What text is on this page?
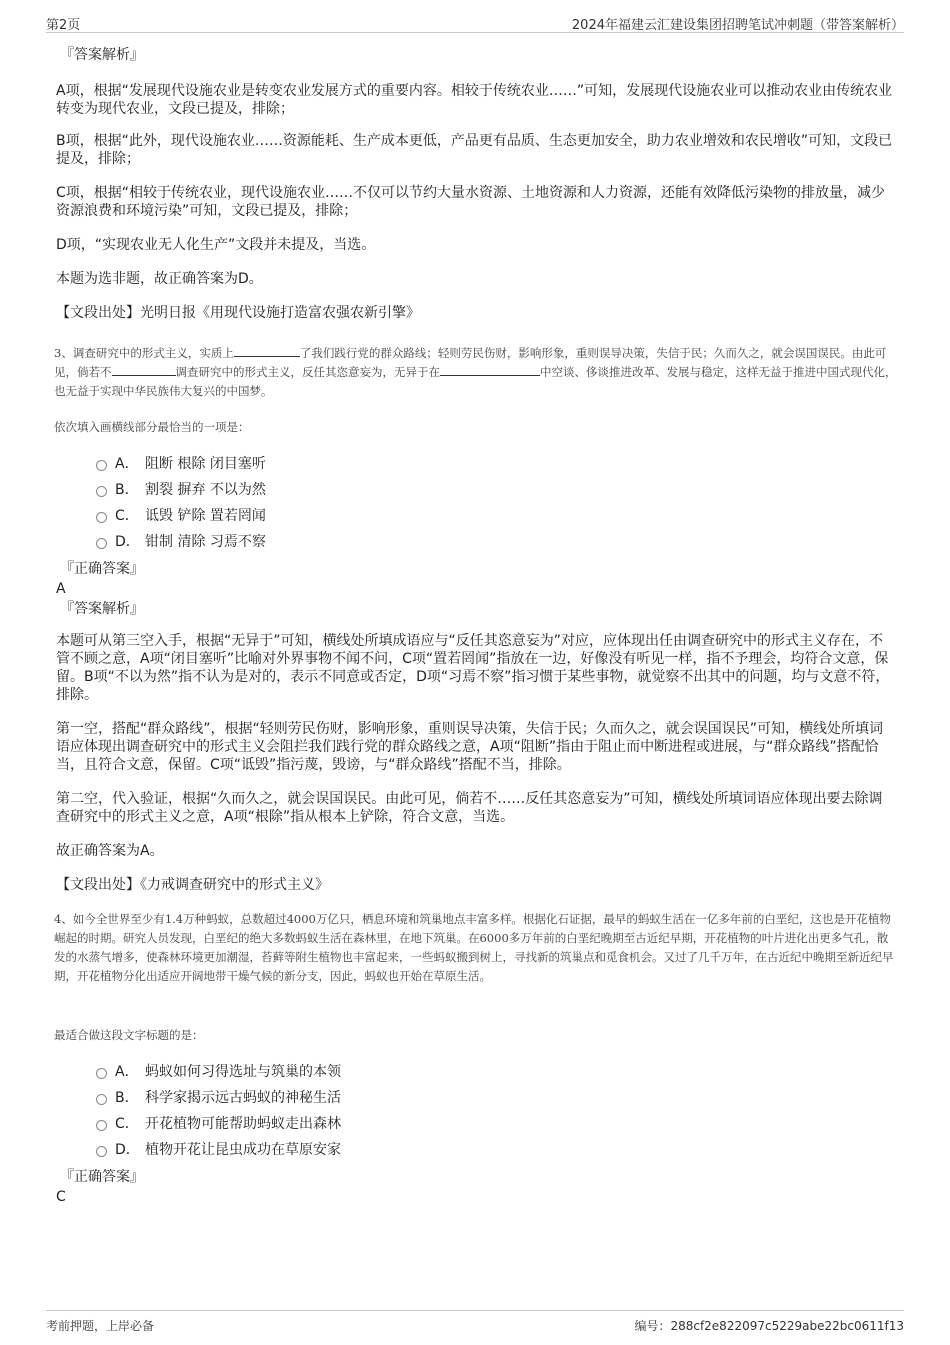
第2页	2024年福建云汇建设集团招聘笔试冲刺题（带答案解析）
『答案解析』

A项，根据“发展现代设施农业是转变农业发展方式的重要内容。相较于传统农业……”可知，发展现代设施农业可以推动农业由传统农业转变为现代农业，文段已提及，排除；

B项，根据“此外，现代设施农业……资源能耗、生产成本更低，产品更有品质、生态更加安全，助力农业增效和农民增收”可知，文段已提及，排除；

C项，根据“相较于传统农业，现代设施农业……不仅可以节约大量水资源、土地资源和人力资源，还能有效降低污染物的排放量，减少资源浪费和环境污染”可知，文段已提及，排除；

D项，“实现农业无人化生产”文段并未提及，当选。

本题为选非题，故正确答案为D。

【文段出处】光明日报《用现代设施打造富农强农新引擎》

3、调查研究中的形式主义，实质上	了我们践行党的群众路线；轻则劳民伤财，影响形象，重则误导决策，失信于民；久而久之，就会误国误民。由此可见，倘若不	调查研究中的形式主义，反任其恣意妄为，无异于在	中空谈、侈谈推进改革、发展与稳定，这样无益于推进中国式现代化，也无益于实现中华民族伟大复兴的中国梦。

依次填入画横线部分最恰当的一项是：

A． 阻断 根除 闭目塞听
B． 割裂 摒弃 不以为然
C． 诋毁 铲除 置若罔闻
D． 钳制 清除 习焉不察
『正确答案』
A
『答案解析』

本题可从第三空入手，根据“无异于”可知，横线处所填成语应与“反任其恣意妄为”对应，应体现出任由调查研究中的形式主义存在，不管不顾之意，A项“闭目塞听”比喻对外界事物不闻不问，C项“置若罔闻”指放在一边，好像没有听见一样，指不予理会，均符合文意，保留。B项“不以为然”指不认为是对的，表示不同意或否定，D项“习焉不察”指习惯于某些事物，就觉察不出其中的问题，均与文意不符，排除。

第一空，搭配“群众路线”，根据“轻则劳民伤财，影响形象，重则误导决策，失信于民；久而久之，就会误国误民”可知，横线处所填词语应体现出调查研究中的形式主义会阻拦我们践行党的群众路线之意，A项“阻断”指由于阻止而中断进程或进展，与“群众路线”搭配恰当，且符合文意，保留。C项“诋毁”指污蔑，毁谤，与“群众路线”搭配不当，排除。

第二空，代入验证，根据“久而久之，就会误国误民。由此可见，倘若不……反任其恣意妄为”可知，横线处所填词语应体现出要去除调查研究中的形式主义之意，A项“根除”指从根本上铲除，符合文意，当选。

故正确答案为A。

【文段出处】《力戒调查研究中的形式主义》

4、如今全世界至少有1.4万种蚂蚁，总数超过4000万亿只，栖息环境和筑巢地点丰富多样。根据化石证据，最早的蚂蚁生活在一亿多年前的白垩纪，这也是开花植物崛起的时期。研究人员发现，白垩纪的绝大多数蚂蚁生活在森林里，在地下筑巢。在6000多万年前的白垩纪晚期至古近纪早期，开花植物的叶片进化出更多气孔，散发的水蒸气增多，使森林环境更加潮湿，苔藓等附生植物也丰富起来，一些蚂蚁搬到树上，寻找新的筑巢点和觅食机会。又过了几千万年，在古近纪中晚期至新近纪早期，开花植物分化出适应开阔地带干燥气候的新分支，因此，蚂蚁也开始在草原生活。

最适合做这段文字标题的是：

A． 蚂蚁如何习得选址与筑巢的本领
B． 科学家揭示远古蚂蚁的神秘生活
C． 开花植物可能帮助蚂蚁走出森林
D． 植物开花让昆虫成功在草原安家
『正确答案』
C
考前押题，上岸必备	编号：288cf2e822097c5229abe22bc0611f13
